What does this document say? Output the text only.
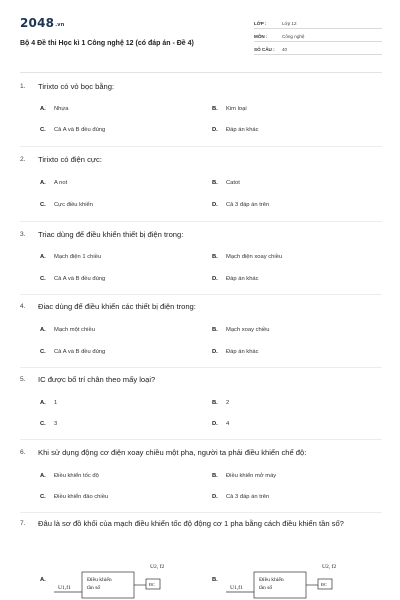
2048.vn
Bộ 4 Đề thi Học kì 1 Công nghệ 12 (có đáp án - Đề 4)
LỚP :	Lớp 12
MÔN :	Công nghệ
SỐ CÂU :	40
1.	Tirixto có vỏ bọc bằng:
A.	Nhựa	B.	Kim loại
C.	Cả A và B đều đúng	D.	Đáp án khác
2.	Tirixto có điện cực:
A.	A not	B.	Catot
C.	Cực điều khiển	D.	Cả 3 đáp án trên
3.	Triac dùng để điều khiển thiết bị điện trong:
A.	Mạch điện 1 chiều	B.	Mạch điện xoay chiều
C.	Cả A và B đều đúng	D.	Đáp án khác
4.	Điac dùng để điều khiển các thiết bị điện trong:
A.	Mạch một chiều	B.	Mạch xoay chiều
C.	Cả A và B đều đúng	D.	Đáp án khác
5.	IC được bố trí chân theo mấy loại?
A.	1	B.	2
C.	3	D.	4
6.	Khi sử dụng động cơ điện xoay chiều một pha, người ta phải điều khiển chế độ:
A.	Điều khiển tốc độ	B.	Điều khiển mở máy
C.	Điều khiển đảo chiều	D.	Cả 3 đáp án trên
7.	Đâu là sơ đồ khối của mạch điều khiển tốc độ động cơ 1 pha bằng cách điều khiển tần số?
A.	B.
U2, f2
U1,f1
Điều khiển
tần số
ĐC
U2, f2
U1,f1
Điều khiển
tần số
ĐC
